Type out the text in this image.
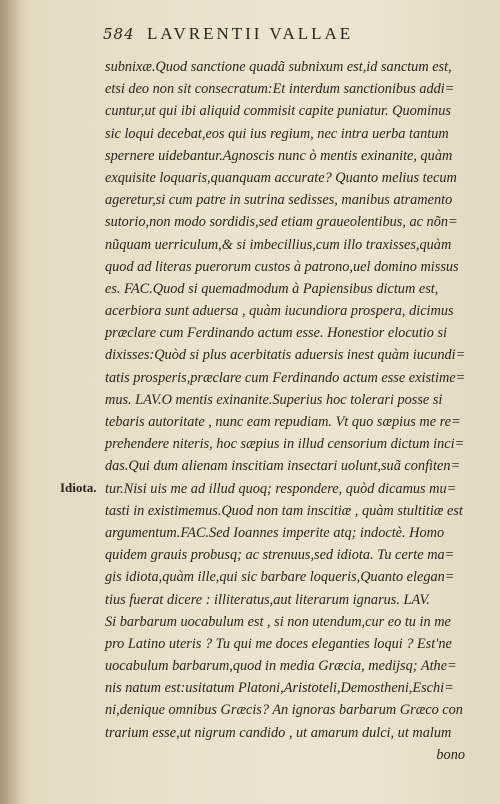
584 LAVRENTII VALLAE
Idiota.
subnixæ.Quod sanctione quadã subnixum est,id sanctum est,
etsi deo non sit consecratum:Et interdum sanctionibus addi=
cuntur,ut qui ibi aliquid commisit capite puniatur. Quominus
sic loqui decebat,eos qui ius regium, nec intra uerba tantum
spernere uidebantur.Agnoscis nunc ò mentis exinanite, quàm
exquisite loquaris,quanquam accurate? Quanto melius tecum
ageretur,si cum patre in sutrina sedisses, manibus atramento
sutorio,non modo sordidis,sed etiam graueolentibus, ac nõn=
nũquam uerriculum,& si imbecillius,cum illo traxisses,quàm
quod ad literas puerorum custos à patrono,uel domino missus
es. FAC.Quod si quemadmodum à Papiensibus dictum est,
acerbiora sunt aduersa , quàm iucundiora prospera, dicimus
præclare cum Ferdinando actum esse. Honestior elocutio si
dixisses:Quòd si plus acerbitatis aduersis inest quàm iucundi=
tatis prosperis,præclare cum Ferdinando actum esse existime=
mus. LAV.O mentis exinanite.Superius hoc tolerari posse si
tebaris autoritate , nunc eam repudiam. Vt quo sæpius me re=
prehendere niteris, hoc sæpius in illud censorium dictum inci=
das.Qui dum alienam inscitiam insectari uolunt,suã confiten=
tur.Nisi uis me ad illud quoq; respondere, quòd dicamus mu=
tasti in existimemus.Quod non tam inscitiæ , quàm stultitiæ est
argumentum.FAC.Sed Ioannes imperite atq; indoctè. Homo
quidem grauis probusq; ac strenuus,sed idiota. Tu certe ma=
gis idiota,quàm ille,qui sic barbare loqueris,Quanto elegan=
tius fuerat dicere : illiteratus,aut literarum ignarus. LAV.
Si barbarum uocabulum est , si non utendum,cur eo tu in me
pro Latino uteris ? Tu qui me doces eleganties loqui ? Est'ne
uocabulum barbarum,quod in media Græcia, medijsq; Athe=
nis natum est:usitatum Platoni,Aristoteli,Demostheni,Eschi=
ni,denique omnibus Græcis? An ignoras barbarum Græco con
trarium esse,ut nigrum candido , ut amarum dulci, ut malum
bono
